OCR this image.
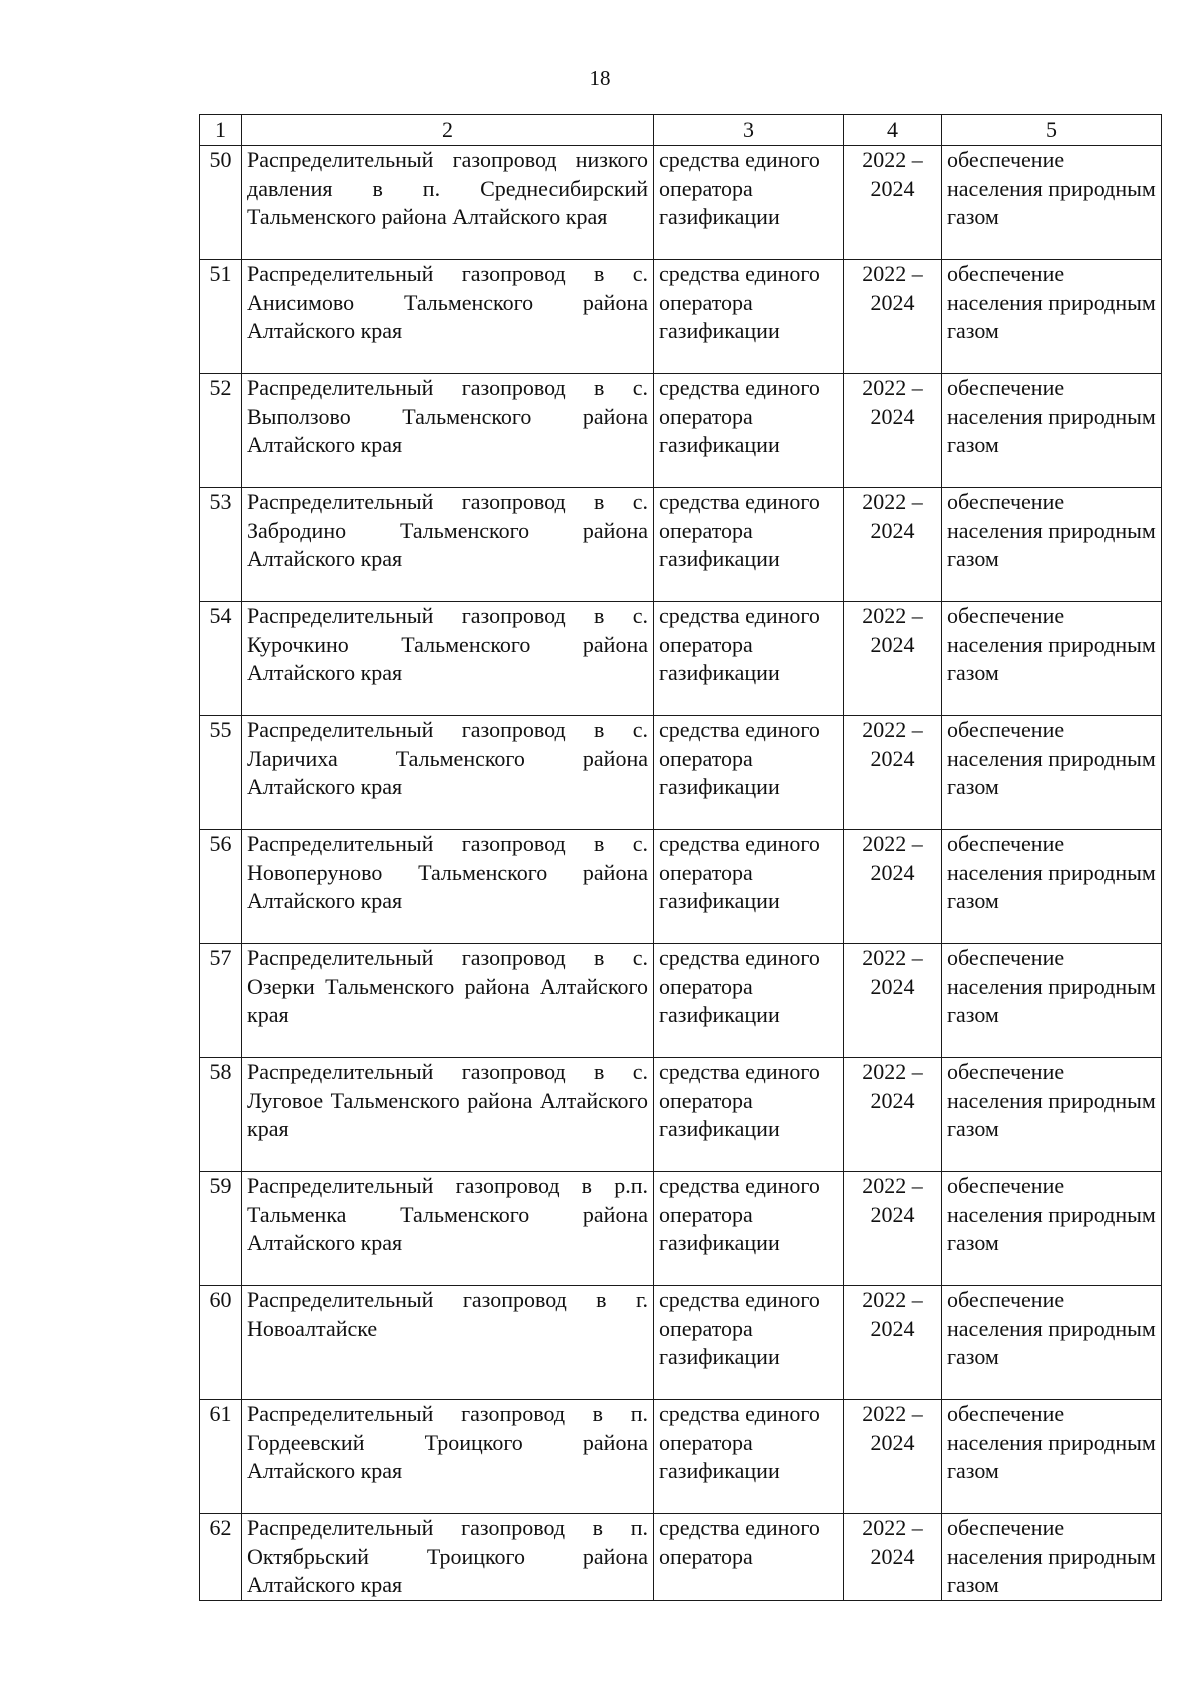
18
1	2	3	4	5
50	Распределительный газопровод низкого давления в п. Среднесибирский Тальменского района Алтайского края	средства единого оператора газификации	2022 – 2024	обеспечение населения природным газом
51	Распределительный газопровод в с. Анисимово Тальменского района Алтайского края	средства единого оператора газификации	2022 – 2024	обеспечение населения природным газом
52	Распределительный газопровод в с. Выползово Тальменского района Алтайского края	средства единого оператора газификации	2022 – 2024	обеспечение населения природным газом
53	Распределительный газопровод в с. Забродино Тальменского района Алтайского края	средства единого оператора газификации	2022 – 2024	обеспечение населения природным газом
54	Распределительный газопровод в с. Курочкино Тальменского района Алтайского края	средства единого оператора газификации	2022 – 2024	обеспечение населения природным газом
55	Распределительный газопровод в с. Ларичиха Тальменского района Алтайского края	средства единого оператора газификации	2022 – 2024	обеспечение населения природным газом
56	Распределительный газопровод в с. Новоперуново Тальменского района Алтайского края	средства единого оператора газификации	2022 – 2024	обеспечение населения природным газом
57	Распределительный газопровод в с. Озерки Тальменского района Алтайского края	средства единого оператора газификации	2022 – 2024	обеспечение населения природным газом
58	Распределительный газопровод в с. Луговое Тальменского района Алтайского края	средства единого оператора газификации	2022 – 2024	обеспечение населения природным газом
59	Распределительный газопровод в р.п. Тальменка Тальменского района Алтайского края	средства единого оператора газификации	2022 – 2024	обеспечение населения природным газом
60	Распределительный газопровод в г. Новоалтайске	средства единого оператора газификации	2022 – 2024	обеспечение населения природным газом
61	Распределительный газопровод в п. Гордеевский Троицкого района Алтайского края	средства единого оператора газификации	2022 – 2024	обеспечение населения природным газом
62	Распределительный газопровод в п. Октябрьский Троицкого района Алтайского края	средства единого оператора	2022 – 2024	обеспечение населения природным газом
